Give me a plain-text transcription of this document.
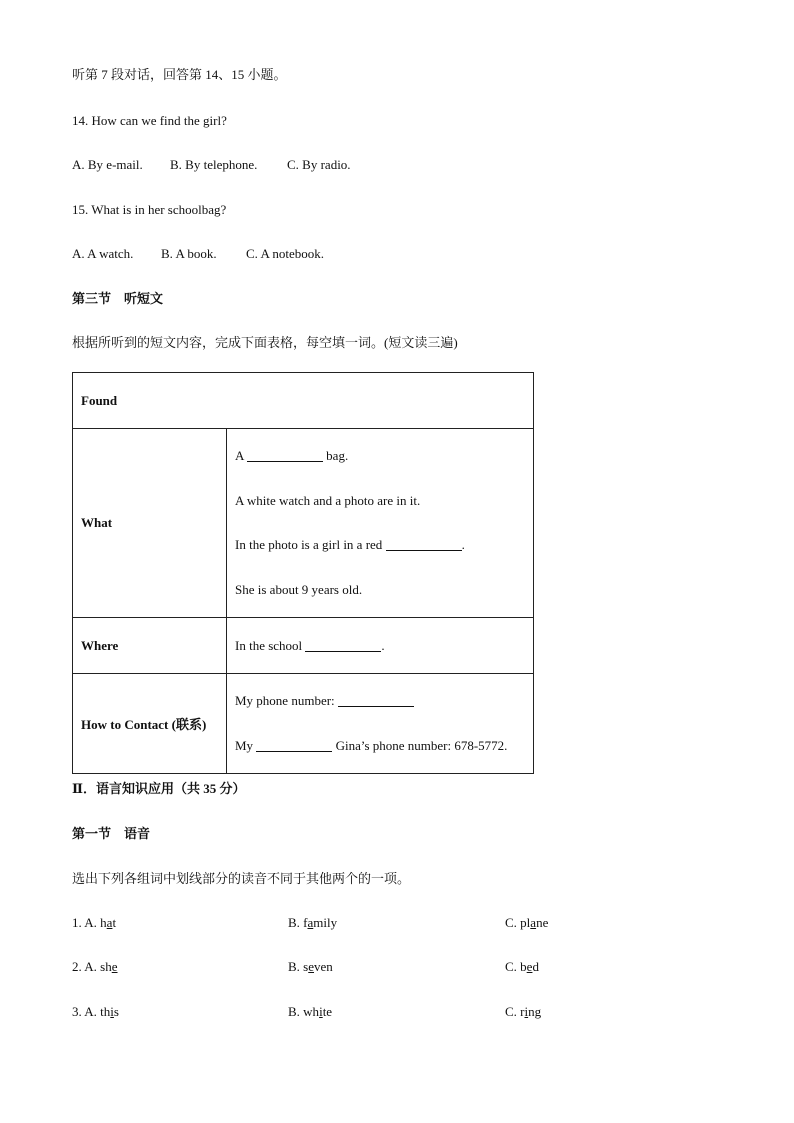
听第 7 段对话，回答第 14、15 小题。
14. How can we find the girl?
A. By e-mail. B. By telephone. C. By radio.
15. What is in her schoolbag?
A. A watch. B. A book. C. A notebook.
第三节　听短文
根据所听到的短文内容，完成下面表格，每空填一词。(短文读三遍)
Found	
What	A bag.
A white watch and a photo are in it.
In the photo is a girl in a red .
She is about 9 years old.

Where	In the school .
How to Contact (联系)	My phone number:
My Gina’s phone number: 678-5772.
Ⅱ．语言知识应用（共 35 分）
第一节　语音
选出下列各组词中划线部分的读音不同于其他两个的一项。
1. A. hat	B. family	C. plane
2. A. she	B. seven	C. bed
3. A. this	B. white	C. ring
